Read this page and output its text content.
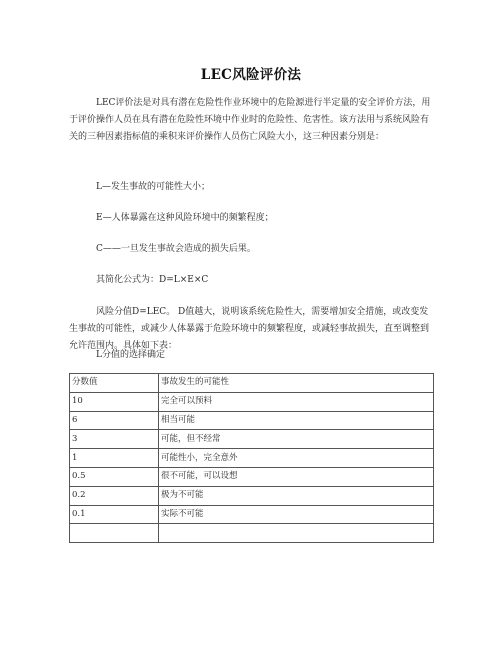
LEC风险评价法

LEC评价法是对具有潜在危险性作业环境中的危险源进行半定量的安全评价方法，用于评价操作人员在具有潜在危险性环境中作业时的危险性、危害性。该方法用与系统风险有关的三种因素指标值的乘积来评价操作人员伤亡风险大小，这三种因素分别是：

L—发生事故的可能性大小；
E—人体暴露在这种风险环境中的频繁程度；
C——一旦发生事故会造成的损失后果。
其简化公式为：D=L×E×C

风险分值D=LEC。 D值越大，说明该系统危险性大，需要增加安全措施，或改变发生事故的可能性，或减少人体暴露于危险环境中的频繁程度，或减轻事故损失，直至调整到允许范围内。具体如下表：

L分值的选择确定
分数值	事故发生的可能性
10	完全可以预料
6	相当可能
3	可能，但不经常
1	可能性小，完全意外
0.5	很不可能，可以设想
0.2	极为不可能
0.1	实际不可能
